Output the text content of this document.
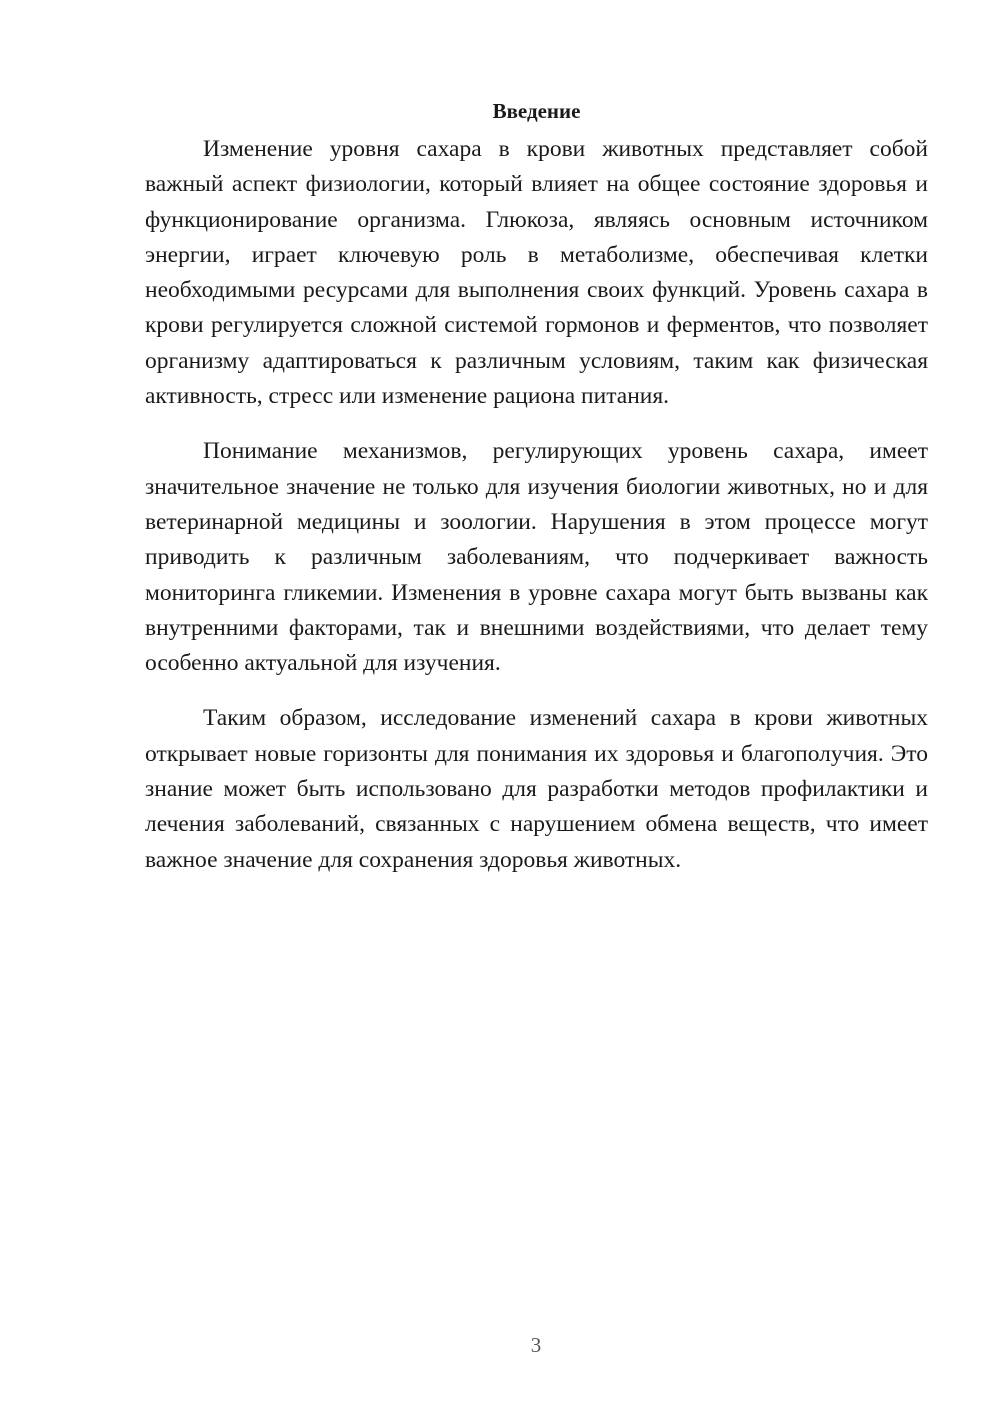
Введение

Изменение уровня сахара в крови животных представляет собой важный аспект физиологии, который влияет на общее состояние здоровья и функционирование организма. Глюкоза, являясь основным источником энергии, играет ключевую роль в метаболизме, обеспечивая клетки необходимыми ресурсами для выполнения своих функций. Уровень сахара в крови регулируется сложной системой гормонов и ферментов, что позволяет организму адаптироваться к различным условиям, таким как физическая активность, стресс или изменение рациона питания.

Понимание механизмов, регулирующих уровень сахара, имеет значительное значение не только для изучения биологии животных, но и для ветеринарной медицины и зоологии. Нарушения в этом процессе могут приводить к различным заболеваниям, что подчеркивает важность мониторинга гликемии. Изменения в уровне сахара могут быть вызваны как внутренними факторами, так и внешними воздействиями, что делает тему особенно актуальной для изучения.

Таким образом, исследование изменений сахара в крови животных открывает новые горизонты для понимания их здоровья и благополучия. Это знание может быть использовано для разработки методов профилактики и лечения заболеваний, связанных с нарушением обмена веществ, что имеет важное значение для сохранения здоровья животных.

3
